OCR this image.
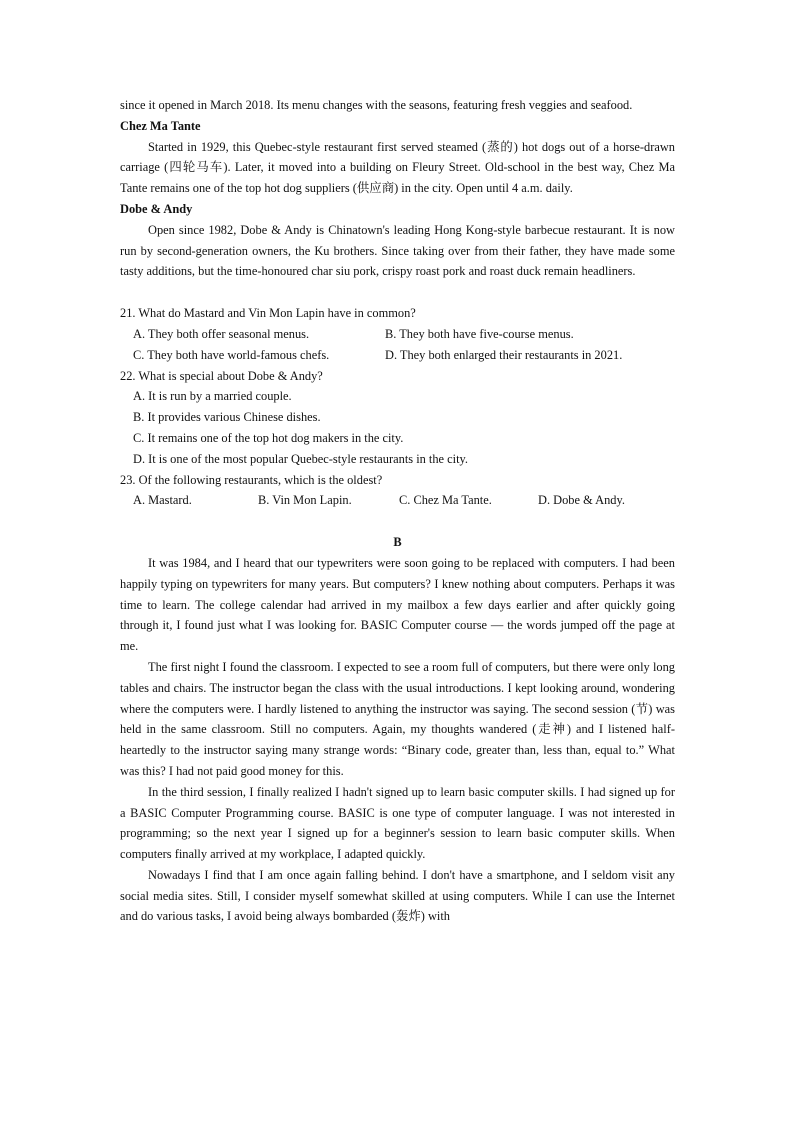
since it opened in March 2018. Its menu changes with the seasons, featuring fresh veggies and seafood.

Chez Ma Tante

Started in 1929, this Quebec-style restaurant first served steamed (蒸的) hot dogs out of a horse-drawn carriage (四轮马车). Later, it moved into a building on Fleury Street. Old-school in the best way, Chez Ma Tante remains one of the top hot dog suppliers (供应商) in the city. Open until 4 a.m. daily.

Dobe & Andy

Open since 1982, Dobe & Andy is Chinatown's leading Hong Kong-style barbecue restaurant. It is now run by second-generation owners, the Ku brothers. Since taking over from their father, they have made some tasty additions, but the time-honoured char siu pork, crispy roast pork and roast duck remain headliners.

21. What do Mastard and Vin Mon Lapin have in common?

A. They both offer seasonal menus.	B. They both have five-course menus.
C. They both have world-famous chefs.	D. They both enlarged their restaurants in 2021.

22. What is special about Dobe & Andy?

A. It is run by a married couple.

B. It provides various Chinese dishes.

C. It remains one of the top hot dog makers in the city.

D. It is one of the most popular Quebec-style restaurants in the city.

23. Of the following restaurants, which is the oldest?

A. Mastard.	B. Vin Mon Lapin.	C. Chez Ma Tante.	D. Dobe & Andy.

B

It was 1984, and I heard that our typewriters were soon going to be replaced with computers. I had been happily typing on typewriters for many years. But computers? I knew nothing about computers. Perhaps it was time to learn. The college calendar had arrived in my mailbox a few days earlier and after quickly going through it, I found just what I was looking for. BASIC Computer course — the words jumped off the page at me.

The first night I found the classroom. I expected to see a room full of computers, but there were only long tables and chairs. The instructor began the class with the usual introductions. I kept looking around, wondering where the computers were. I hardly listened to anything the instructor was saying. The second session (节) was held in the same classroom. Still no computers. Again, my thoughts wandered (走神) and I listened half-heartedly to the instructor saying many strange words: “Binary code, greater than, less than, equal to.” What was this? I had not paid good money for this.

In the third session, I finally realized I hadn't signed up to learn basic computer skills. I had signed up for a BASIC Computer Programming course. BASIC is one type of computer language. I was not interested in programming; so the next year I signed up for a beginner's session to learn basic computer skills. When computers finally arrived at my workplace, I adapted quickly.

Nowadays I find that I am once again falling behind. I don't have a smartphone, and I seldom visit any social media sites. Still, I consider myself somewhat skilled at using computers. While I can use the Internet and do various tasks, I avoid being always bombarded (轰炸) with
